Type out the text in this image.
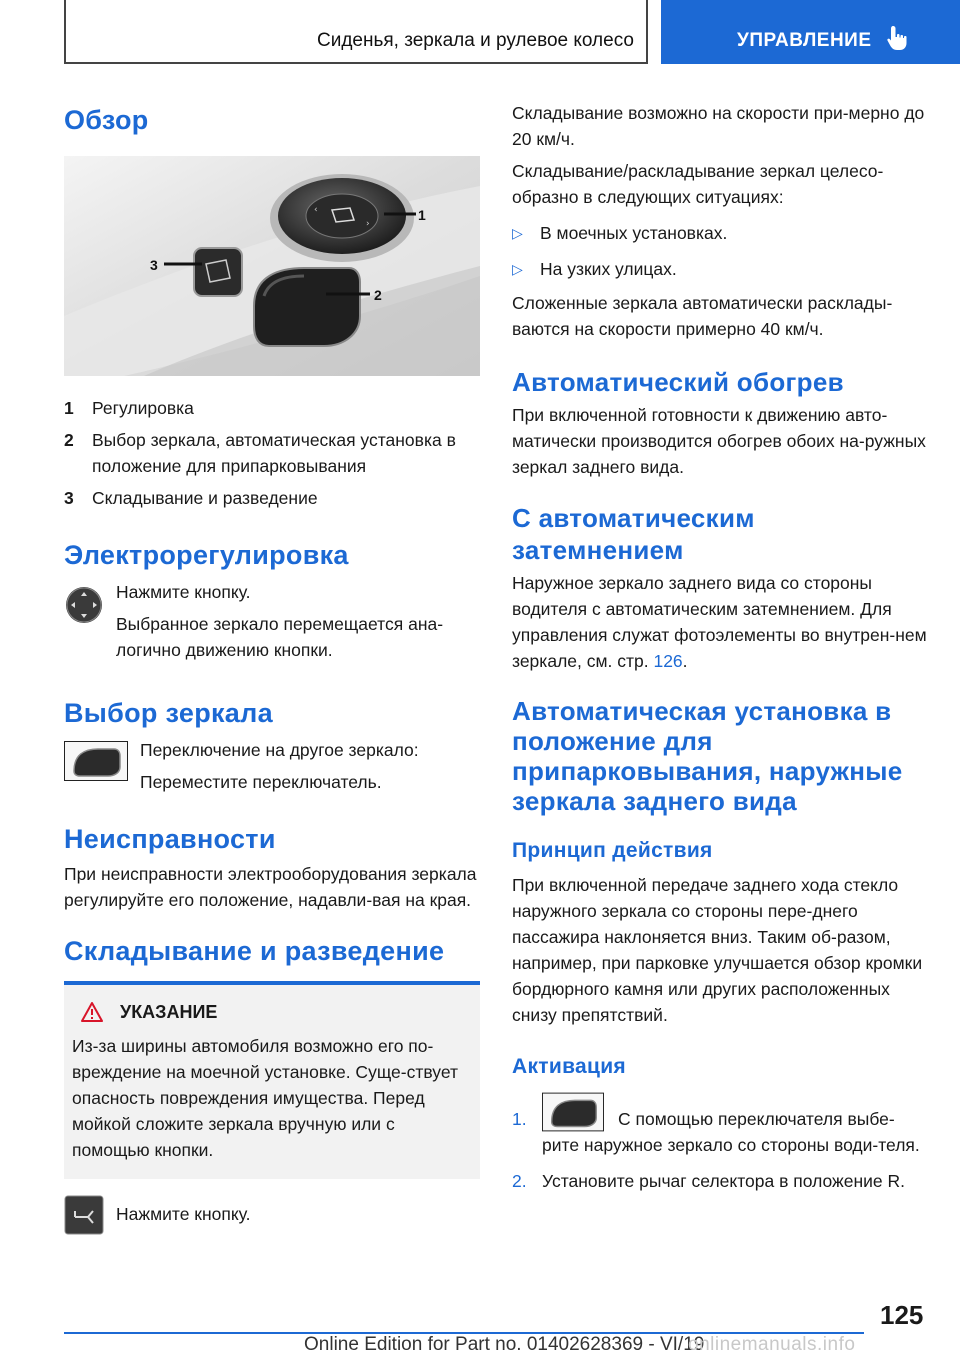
Сиденья, зеркала и рулевое колесо	УПРАВЛЕНИЕ
Обзор
‹
›
1
2
3
1	Регулировка
2	Выбор зеркала, автоматическая установка в положение для припарковывания
3	Складывание и разведение
Электрорегулировка

Нажмите кнопку.

Выбранное зеркало перемещается ана-логично движению кнопки.

Выбор зеркала

Переключение на другое зеркало:

Переместите переключатель.

Неисправности

При неисправности электрооборудования зеркала регулируйте его положение, надавли-вая на края.

Складывание и разведение
УКАЗАНИЕ

Из-за ширины автомобиля возможно его по-вреждение на моечной установке. Суще-ствует опасность повреждения имущества. Перед мойкой сложите зеркала вручную или с помощью кнопки.

Нажмите кнопку.

Складывание возможно на скорости при-мерно до 20 км/ч.

Складывание/раскладывание зеркал целесо-образно в следующих ситуациях:

▷ В моечных установках.

▷ На узких улицах.

Сложенные зеркала автоматически расклады-ваются на скорости примерно 40 км/ч.

Автоматический обогрев

При включенной готовности к движению авто-матически производится обогрев обоих на-ружных зеркал заднего вида.

С автоматическим затемнением

Наружное зеркало заднего вида со стороны водителя с автоматическим затемнением. Для управления служат фотоэлементы во внутрен-нем зеркале, см. стр. 126.

Автоматическая установка в положение для припарковывания, наружные зеркала заднего вида
Принцип действия

При включенной передаче заднего хода стекло наружного зеркала со стороны пере-днего пассажира наклоняется вниз. Таким об-разом, например, при парковке улучшается обзор кромки бордюрного камня или других расположенных снизу препятствий.

Активация
1.	С помощью переключателя выбе-рите наружное зеркало со стороны води-теля.

2. Установите рычаг селектора в положение R.

125
Online Edition for Part no. 01402628369 - VI/19
onlinemanuals.info
